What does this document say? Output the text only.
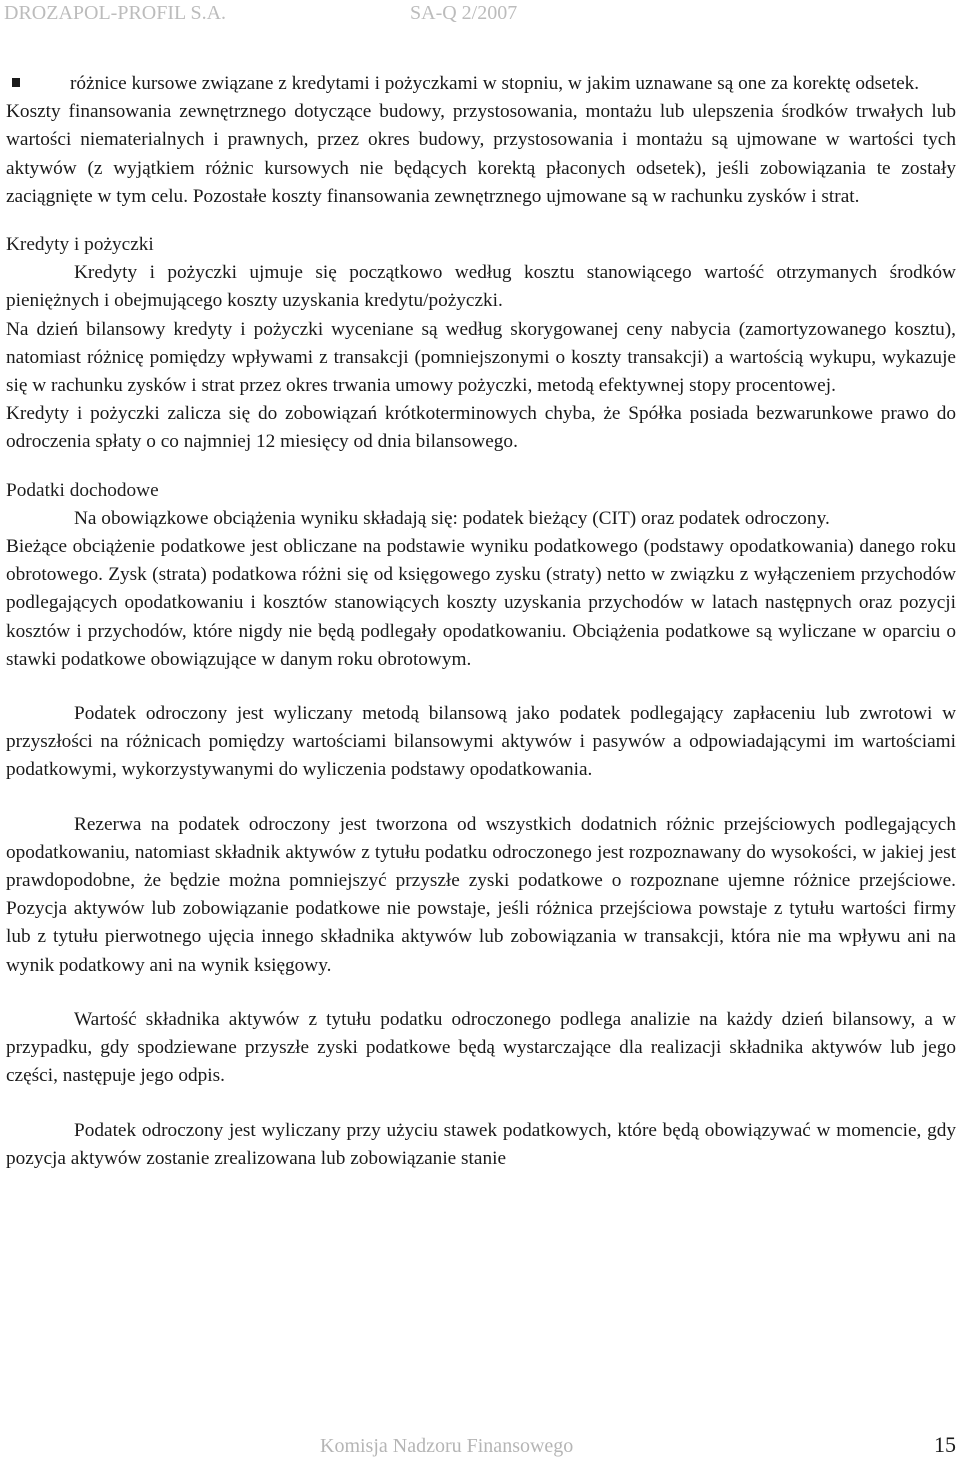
DROZAPOL-PROFIL S.A.	SA-Q 2/2007

różnice kursowe związane z kredytami i pożyczkami w stopniu, w jakim uznawane są one za korektę odsetek.

Koszty finansowania zewnętrznego dotyczące budowy, przystosowania, montażu lub ulepszenia środków trwałych lub wartości niematerialnych i prawnych, przez okres budowy, przystosowania i montażu są ujmowane w wartości tych aktywów (z wyjątkiem różnic kursowych nie będących korektą płaconych odsetek), jeśli zobowiązania te zostały zaciągnięte w tym celu. Pozostałe koszty finansowania zewnętrznego ujmowane są w rachunku zysków i strat.

Kredyty i pożyczki

Kredyty i pożyczki ujmuje się początkowo według kosztu stanowiącego wartość otrzymanych środków pieniężnych i obejmującego koszty uzyskania kredytu/pożyczki.

Na dzień bilansowy kredyty i pożyczki wyceniane są według skorygowanej ceny nabycia (zamortyzowanego kosztu), natomiast różnicę pomiędzy wpływami z transakcji (pomniejszonymi o koszty transakcji) a wartością wykupu, wykazuje się w rachunku zysków i strat przez okres trwania umowy pożyczki, metodą efektywnej stopy procentowej.

Kredyty i pożyczki zalicza się do zobowiązań krótkoterminowych chyba, że Spółka posiada bezwarunkowe prawo do odroczenia spłaty o co najmniej 12 miesięcy od dnia bilansowego.

Podatki dochodowe

Na obowiązkowe obciążenia wyniku składają się: podatek bieżący (CIT) oraz podatek odroczony.

Bieżące obciążenie podatkowe jest obliczane na podstawie wyniku podatkowego (podstawy opodatkowania) danego roku obrotowego. Zysk (strata) podatkowa różni się od księgowego zysku (straty) netto w związku z wyłączeniem przychodów podlegających opodatkowaniu i kosztów stanowiących koszty uzyskania przychodów w latach następnych oraz pozycji kosztów i przychodów, które nigdy nie będą podlegały opodatkowaniu. Obciążenia podatkowe są wyliczane w oparciu o stawki podatkowe obowiązujące w danym roku obrotowym.

Podatek odroczony jest wyliczany metodą bilansową jako podatek podlegający zapłaceniu lub zwrotowi w przyszłości na różnicach pomiędzy wartościami bilansowymi aktywów i pasywów a odpowiadającymi im wartościami podatkowymi, wykorzystywanymi do wyliczenia podstawy opodatkowania.

Rezerwa na podatek odroczony jest tworzona od wszystkich dodatnich różnic przejściowych podlegających opodatkowaniu, natomiast składnik aktywów z tytułu podatku odroczonego jest rozpoznawany do wysokości, w jakiej jest prawdopodobne, że będzie można pomniejszyć przyszłe zyski podatkowe o rozpoznane ujemne różnice przejściowe. Pozycja aktywów lub zobowiązanie podatkowe nie powstaje, jeśli różnica przejściowa powstaje z tytułu wartości firmy lub z tytułu pierwotnego ujęcia innego składnika aktywów lub zobowiązania w transakcji, która nie ma wpływu ani na wynik podatkowy ani na wynik księgowy.

Wartość składnika aktywów z tytułu podatku odroczonego podlega analizie na każdy dzień bilansowy, a w przypadku, gdy spodziewane przyszłe zyski podatkowe będą wystarczające dla realizacji składnika aktywów lub jego części, następuje jego odpis.

Podatek odroczony jest wyliczany przy użyciu stawek podatkowych, które będą obowiązywać w momencie, gdy pozycja aktywów zostanie zrealizowana lub zobowiązanie stanie

Komisja Nadzoru Finansowego	15
